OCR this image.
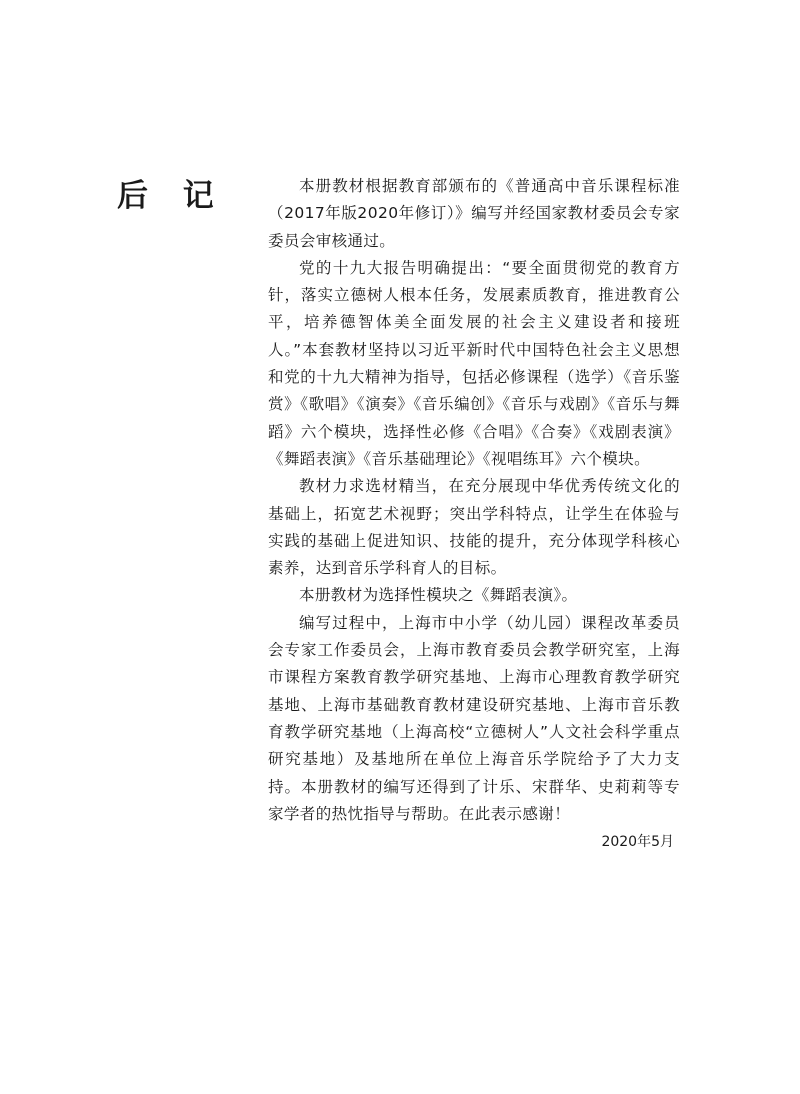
后 记	本册教材根据教育部颁布的《普通高中音乐课程标准（2017年版2020年修订）》编写并经国家教材委员会专家委员会审核通过。

党的十九大报告明确提出：“要全面贯彻党的教育方针，落实立德树人根本任务，发展素质教育，推进教育公平，培养德智体美全面发展的社会主义建设者和接班人。”本套教材坚持以习近平新时代中国特色社会主义思想和党的十九大精神为指导，包括必修课程（选学）《音乐鉴赏》《歌唱》《演奏》《音乐编创》《音乐与戏剧》《音乐与舞蹈》六个模块，选择性必修《合唱》《合奏》《戏剧表演》《舞蹈表演》《音乐基础理论》《视唱练耳》六个模块。

教材力求选材精当，在充分展现中华优秀传统文化的基础上，拓宽艺术视野；突出学科特点，让学生在体验与实践的基础上促进知识、技能的提升，充分体现学科核心素养，达到音乐学科育人的目标。

本册教材为选择性模块之《舞蹈表演》。

编写过程中，上海市中小学（幼儿园）课程改革委员会专家工作委员会，上海市教育委员会教学研究室，上海市课程方案教育教学研究基地、上海市心理教育教学研究基地、上海市基础教育教材建设研究基地、上海市音乐教育教学研究基地（上海高校“立德树人”人文社会科学重点研究基地）及基地所在单位上海音乐学院给予了大力支持。本册教材的编写还得到了计乐、宋群华、史莉莉等专家学者的热忱指导与帮助。在此表示感谢！

2020年5月
